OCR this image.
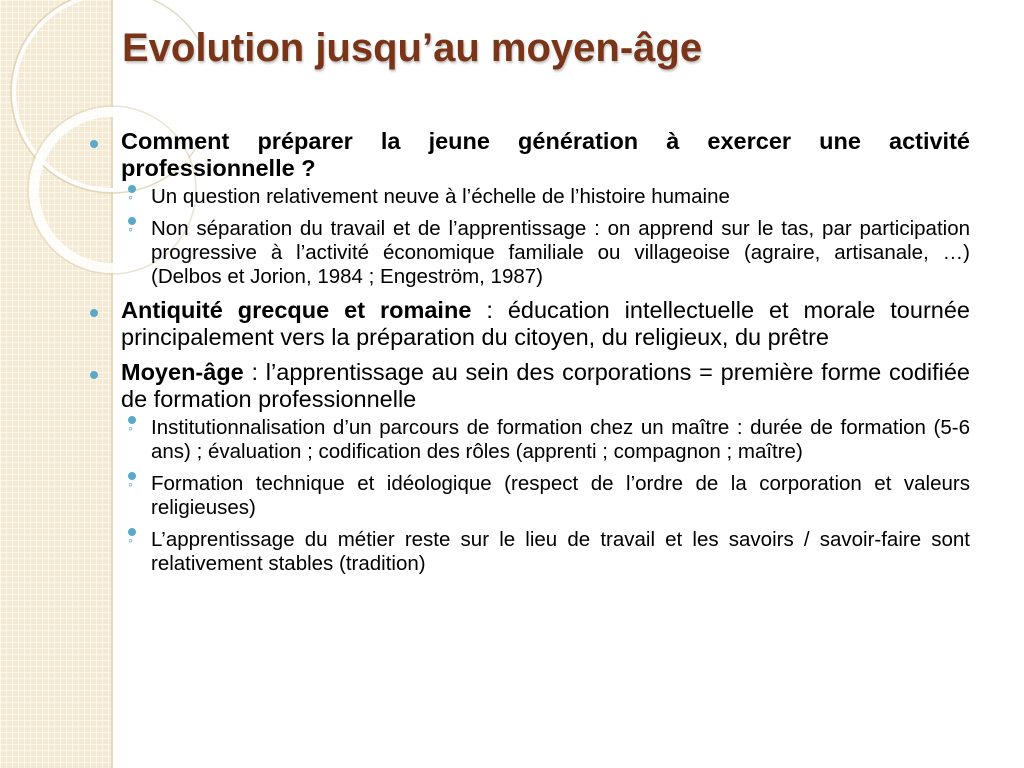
Evolution jusqu’au moyen-âge
Comment préparer la jeune génération à exercer une activité professionnelle ?
◦ Un question relativement neuve à l’échelle de l’histoire humaine
◦ Non séparation du travail et de l’apprentissage : on apprend sur le tas, par participation progressive à l’activité économique familiale ou villageoise (agraire, artisanale, …) (Delbos et Jorion, 1984 ; Engeström, 1987)
Antiquité grecque et romaine : éducation intellectuelle et morale tournée principalement vers la préparation du citoyen, du religieux, du prêtre
Moyen-âge : l’apprentissage au sein des corporations = première forme codifiée de formation professionnelle
◦ Institutionnalisation d’un parcours de formation chez un maître : durée de formation (5-6 ans) ; évaluation ; codification des rôles (apprenti ; compagnon ; maître)
◦ Formation technique et idéologique (respect de l’ordre de la corporation et valeurs religieuses)
◦ L’apprentissage du métier reste sur le lieu de travail et les savoirs / savoir-faire sont relativement stables (tradition)
